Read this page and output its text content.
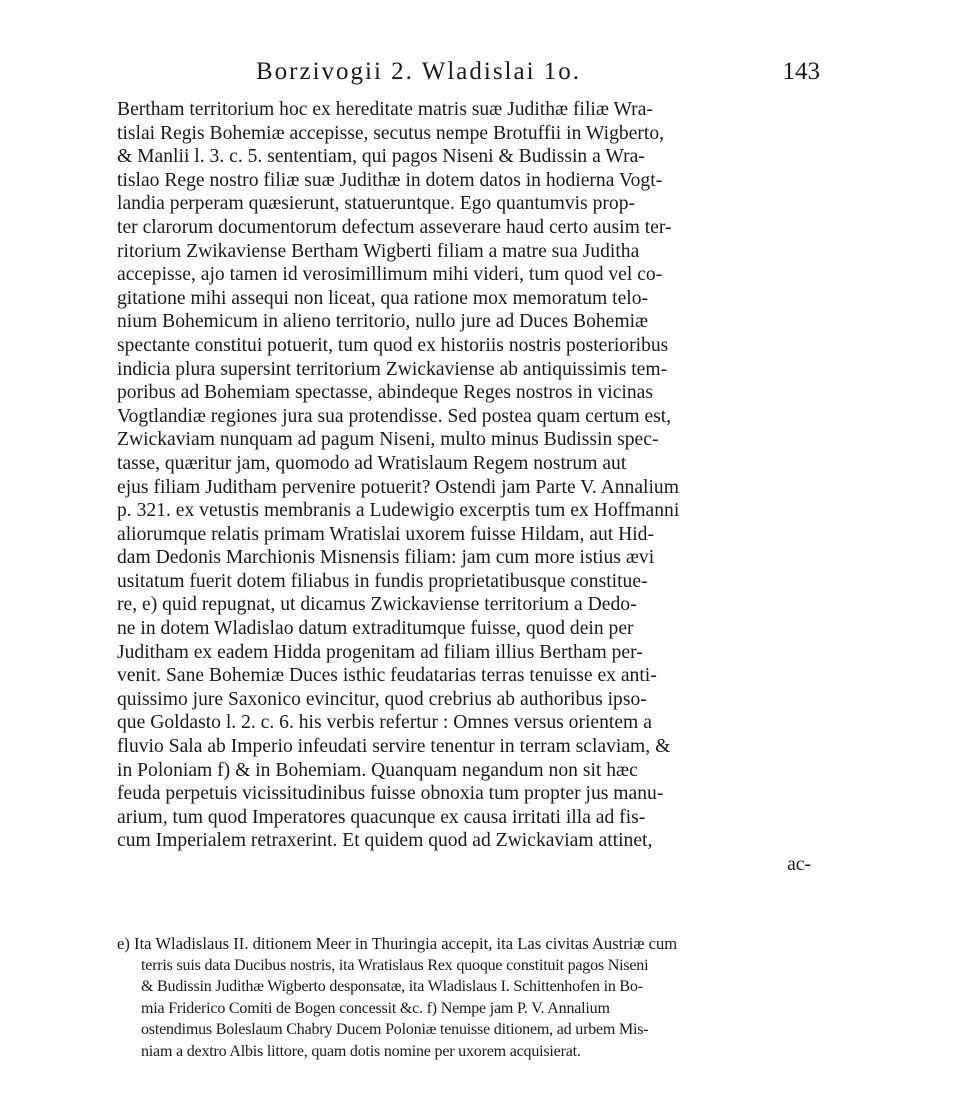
Borzivogii 2. Wladislai 1o.	143
Bertham territorium hoc ex hereditate matris suæ Judithæ filiæ Wra-
tislai Regis Bohemiæ accepisse, secutus nempe Brotuffii in Wigberto,
& Manlii l. 3. c. 5. sententiam, qui pagos Niseni & Budissin a Wra-
tislao Rege nostro filiæ suæ Judithæ in dotem datos in hodierna Vogt-
landia perperam quæsierunt, statueruntque. Ego quantumvis prop-
ter clarorum documentorum defectum asseverare haud certo ausim ter-
ritorium Zwikaviense Bertham Wigberti filiam a matre sua Juditha
accepisse, ajo tamen id verosimillimum mihi videri, tum quod vel co-
gitatione mihi assequi non liceat, qua ratione mox memoratum telo-
nium Bohemicum in alieno territorio, nullo jure ad Duces Bohemiæ
spectante constitui potuerit, tum quod ex historiis nostris posterioribus
indicia plura supersint territorium Zwickaviense ab antiquissimis tem-
poribus ad Bohemiam spectasse, abindeque Reges nostros in vicinas
Vogtlandiæ regiones jura sua protendisse. Sed postea quam certum est,
Zwickaviam nunquam ad pagum Niseni, multo minus Budissin spec-
tasse, quæritur jam, quomodo ad Wratislaum Regem nostrum aut
ejus filiam Juditham pervenire potuerit? Ostendi jam Parte V. Annalium
p. 321. ex vetustis membranis a Ludewigio excerptis tum ex Hoffmanni
aliorumque relatis primam Wratislai uxorem fuisse Hildam, aut Hid-
dam Dedonis Marchionis Misnensis filiam: jam cum more istius ævi
usitatum fuerit dotem filiabus in fundis proprietatibusque constitue-
re, e) quid repugnat, ut dicamus Zwickaviense territorium a Dedo-
ne in dotem Wladislao datum extraditumque fuisse, quod dein per
Juditham ex eadem Hidda progenitam ad filiam illius Bertham per-
venit. Sane Bohemiæ Duces isthic feudatarias terras tenuisse ex anti-
quissimo jure Saxonico evincitur, quod crebrius ab authoribus ipso-
que Goldasto l. 2. c. 6. his verbis refertur : Omnes versus orientem a
fluvio Sala ab Imperio infeudati servire tenentur in terram sclaviam, &
in Poloniam f) & in Bohemiam. Quanquam negandum non sit hæc
feuda perpetuis vicissitudinibus fuisse obnoxia tum propter jus manu-
arium, tum quod Imperatores quacunque ex causa irritati illa ad fis-
cum Imperialem retraxerint. Et quidem quod ad Zwickaviam attinet,
ac-
e) Ita Wladislaus II. ditionem Meer in Thuringia accepit, ita Las civitas Austriæ cum
terris suis data Ducibus nostris, ita Wratislaus Rex quoque constituit pagos Niseni
& Budissin Judithæ Wigberto desponsatæ, ita Wladislaus I. Schittenhofen in Bo-
mia Friderico Comiti de Bogen concessit &c. f) Nempe jam P. V. Annalium
ostendimus Boleslaum Chabry Ducem Poloniæ tenuisse ditionem, ad urbem Mis-
niam a dextro Albis littore, quam dotis nomine per uxorem acquisierat.
